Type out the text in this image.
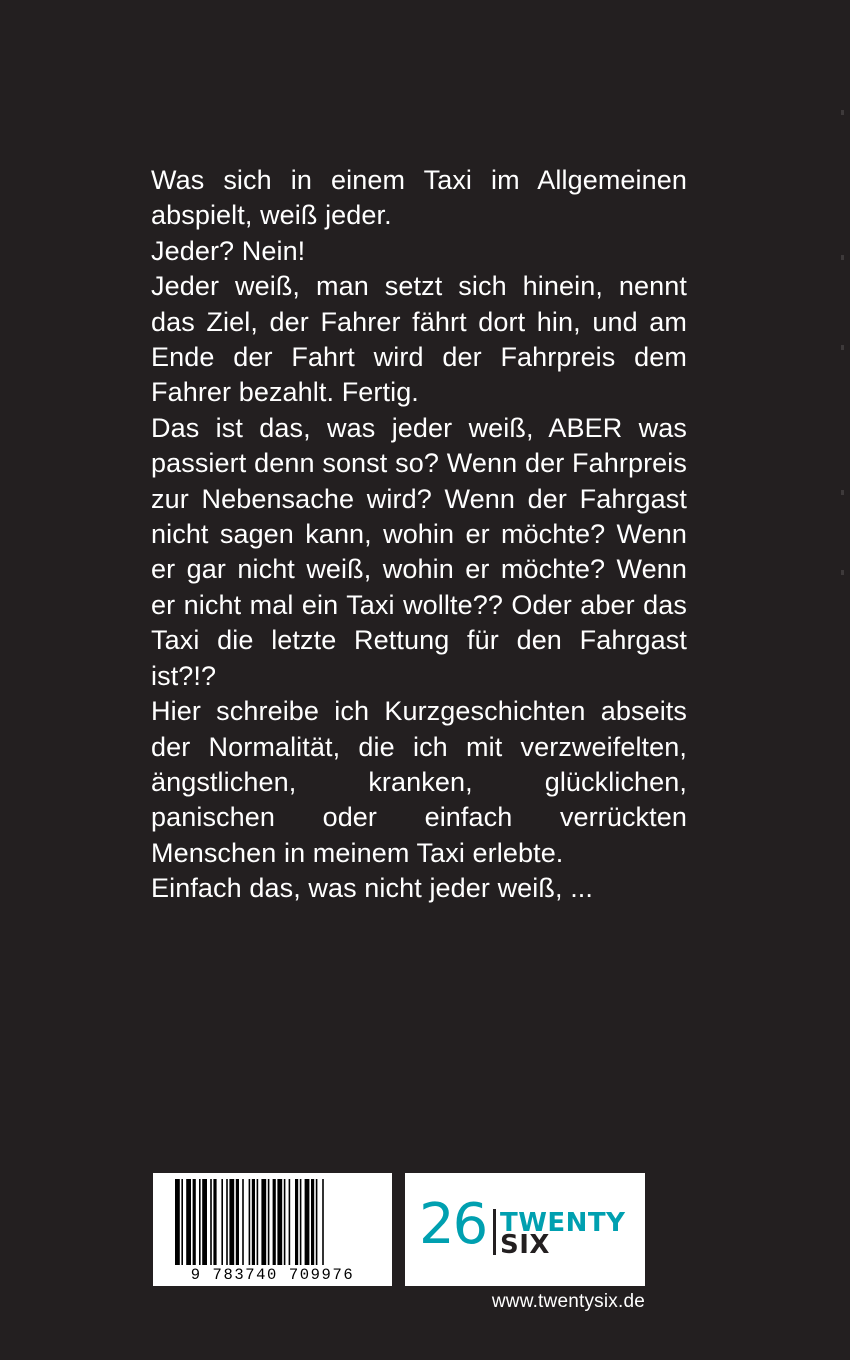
Was sich in einem Taxi im Allgemeinen abspielt, weiß jeder.

Jeder? Nein!

Jeder weiß, man setzt sich hinein, nennt das Ziel, der Fahrer fährt dort hin, und am Ende der Fahrt wird der Fahrpreis dem Fahrer bezahlt. Fertig.

Das ist das, was jeder weiß, ABER was passiert denn sonst so? Wenn der Fahrpreis zur Nebensache wird? Wenn der Fahrgast nicht sagen kann, wohin er möchte? Wenn er gar nicht weiß, wohin er möchte? Wenn er nicht mal ein Taxi wollte?? Oder aber das Taxi die letzte Rettung für den Fahrgast ist?!?

Hier schreibe ich Kurzgeschichten abseits der Normalität, die ich mit verzweifelten, ängstlichen, kranken, glücklichen, panischen oder einfach verrückten Menschen in meinem Taxi erlebte.

Einfach das, was nicht jeder weiß, ...

9 783740 709976
26 TWENTY
SIX
www.twentysix.de
